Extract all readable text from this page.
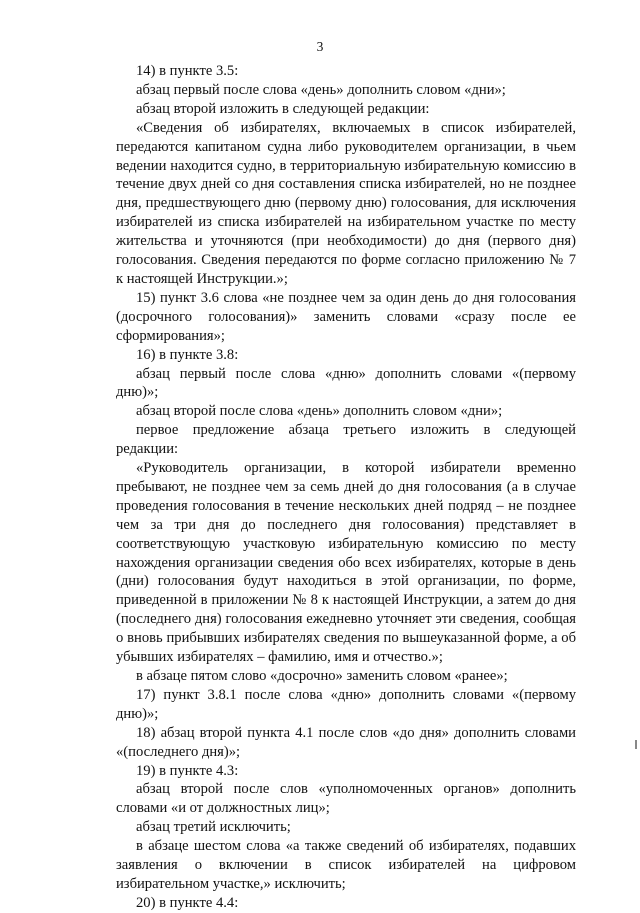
3

14) в пункте 3.5:

абзац первый после слова «день» дополнить словом «дни»;

абзац второй изложить в следующей редакции:

«Сведения об избирателях, включаемых в список избирателей, передаются капитаном судна либо руководителем организации, в чьем ведении находится судно, в территориальную избирательную комиссию в течение двух дней со дня составления списка избирателей, но не позднее дня, предшествующего дню (первому дню) голосования, для исключения избирателей из списка избирателей на избирательном участке по месту жительства и уточняются (при необходимости) до дня (первого дня) голосования. Сведения передаются по форме согласно приложению № 7 к настоящей Инструкции.»;

15) пункт 3.6 слова «не позднее чем за один день до дня голосования (досрочного голосования)» заменить словами «сразу после ее сформирования»;

16) в пункте 3.8:

абзац первый после слова «дню» дополнить словами «(первому дню)»;

абзац второй после слова «день» дополнить словом «дни»;

первое предложение абзаца третьего изложить в следующей редакции:

«Руководитель организации, в которой избиратели временно пребывают, не позднее чем за семь дней до дня голосования (а в случае проведения голосования в течение нескольких дней подряд – не позднее чем за три дня до последнего дня голосования) представляет в соответствующую участковую избирательную комиссию по месту нахождения организации сведения обо всех избирателях, которые в день (дни) голосования будут находиться в этой организации, по форме, приведенной в приложении № 8 к настоящей Инструкции, а затем до дня (последнего дня) голосования ежедневно уточняет эти сведения, сообщая о вновь прибывших избирателях сведения по вышеуказанной форме, а об убывших избирателях – фамилию, имя и отчество.»;

в абзаце пятом слово «досрочно» заменить словом «ранее»;

17) пункт 3.8.1 после слова «дню» дополнить словами «(первому дню)»;

18) абзац второй пункта 4.1 после слов «до дня» дополнить словами «(последнего дня)»;

19) в пункте 4.3:

абзац второй после слов «уполномоченных органов» дополнить словами «и от должностных лиц»;

абзац третий исключить;

в абзаце шестом слова «а также сведений об избирателях, подавших заявления о включении в список избирателей на цифровом избирательном участке,» исключить;

20) в пункте 4.4:
